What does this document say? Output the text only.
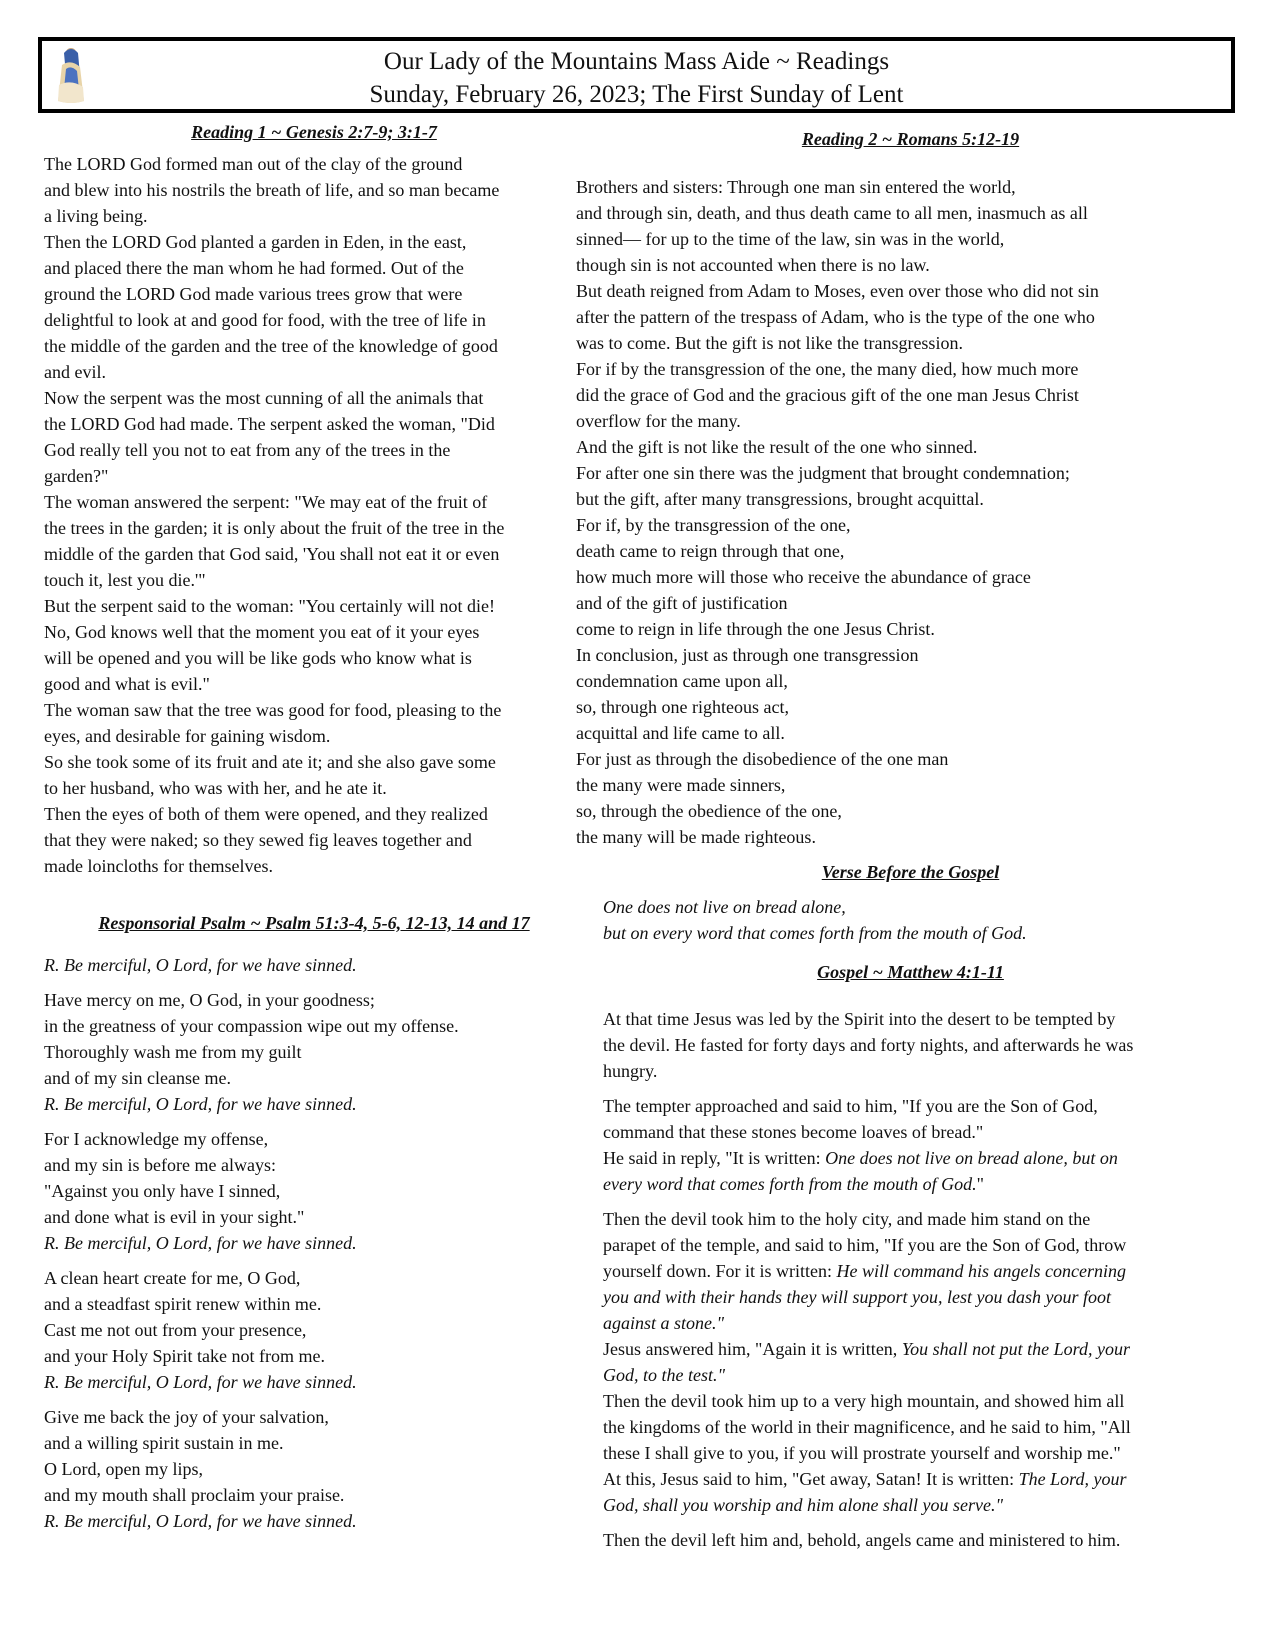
Our Lady of the Mountains Mass Aide ~ Readings
Sunday, February 26, 2023; The First Sunday of Lent
Reading 1 ~ Genesis 2:7-9; 3:1-7
The LORD God formed man out of the clay of the ground
and blew into his nostrils the breath of life, and so man became
a living being.
Then the LORD God planted a garden in Eden, in the east,
and placed there the man whom he had formed. Out of the
ground the LORD God made various trees grow that were
delightful to look at and good for food, with the tree of life in
the middle of the garden and the tree of the knowledge of good
and evil.
Now the serpent was the most cunning of all the animals that
the LORD God had made. The serpent asked the woman, "Did
God really tell you not to eat from any of the trees in the
garden?"
The woman answered the serpent: "We may eat of the fruit of
the trees in the garden; it is only about the fruit of the tree in the
middle of the garden that God said, 'You shall not eat it or even
touch it, lest you die.'"
But the serpent said to the woman: "You certainly will not die!
No, God knows well that the moment you eat of it your eyes
will be opened and you will be like gods who know what is
good and what is evil."
The woman saw that the tree was good for food, pleasing to the
eyes, and desirable for gaining wisdom.
So she took some of its fruit and ate it; and she also gave some
to her husband, who was with her, and he ate it.
Then the eyes of both of them were opened, and they realized
that they were naked; so they sewed fig leaves together and
made loincloths for themselves.
Responsorial Psalm ~ Psalm 51:3-4, 5-6, 12-13, 14 and 17

R. Be merciful, O Lord, for we have sinned.

Have mercy on me, O God, in your goodness;
in the greatness of your compassion wipe out my offense.
Thoroughly wash me from my guilt
and of my sin cleanse me.
R. Be merciful, O Lord, for we have sinned.
For I acknowledge my offense,
and my sin is before me always:
"Against you only have I sinned,
and done what is evil in your sight."
R. Be merciful, O Lord, for we have sinned.
A clean heart create for me, O God,
and a steadfast spirit renew within me.
Cast me not out from your presence,
and your Holy Spirit take not from me.
R. Be merciful, O Lord, for we have sinned.
Give me back the joy of your salvation,
and a willing spirit sustain in me.
O Lord, open my lips,
and my mouth shall proclaim your praise.
R. Be merciful, O Lord, for we have sinned.
Reading 2 ~ Romans 5:12-19
Brothers and sisters: Through one man sin entered the world,
and through sin, death, and thus death came to all men, inasmuch as all
sinned— for up to the time of the law, sin was in the world,
though sin is not accounted when there is no law.
But death reigned from Adam to Moses, even over those who did not sin
after the pattern of the trespass of Adam, who is the type of the one who
was to come. But the gift is not like the transgression.
For if by the transgression of the one, the many died, how much more
did the grace of God and the gracious gift of the one man Jesus Christ
overflow for the many.
And the gift is not like the result of the one who sinned.
For after one sin there was the judgment that brought condemnation;
but the gift, after many transgressions, brought acquittal.
For if, by the transgression of the one,
death came to reign through that one,
how much more will those who receive the abundance of grace
and of the gift of justification
come to reign in life through the one Jesus Christ.
In conclusion, just as through one transgression
condemnation came upon all,
so, through one righteous act,
acquittal and life came to all.
For just as through the disobedience of the one man
the many were made sinners,
so, through the obedience of the one,
the many will be made righteous.
Verse Before the Gospel
One does not live on bread alone,
but on every word that comes forth from the mouth of God.
Gospel ~ Matthew 4:1-11
At that time Jesus was led by the Spirit into the desert to be tempted by
the devil. He fasted for forty days and forty nights, and afterwards he was
hungry.
The tempter approached and said to him, "If you are the Son of God,
command that these stones become loaves of bread."
He said in reply, "It is written: One does not live on bread alone, but on
every word that comes forth from the mouth of God."
Then the devil took him to the holy city, and made him stand on the
parapet of the temple, and said to him, "If you are the Son of God, throw
yourself down. For it is written: He will command his angels concerning
you and with their hands they will support you, lest you dash your foot
against a stone."
Jesus answered him, "Again it is written, You shall not put the Lord, your
God, to the test."
Then the devil took him up to a very high mountain, and showed him all
the kingdoms of the world in their magnificence, and he said to him, "All
these I shall give to you, if you will prostrate yourself and worship me."
At this, Jesus said to him, "Get away, Satan! It is written: The Lord, your
God, shall you worship and him alone shall you serve."
Then the devil left him and, behold, angels came and ministered to him.
